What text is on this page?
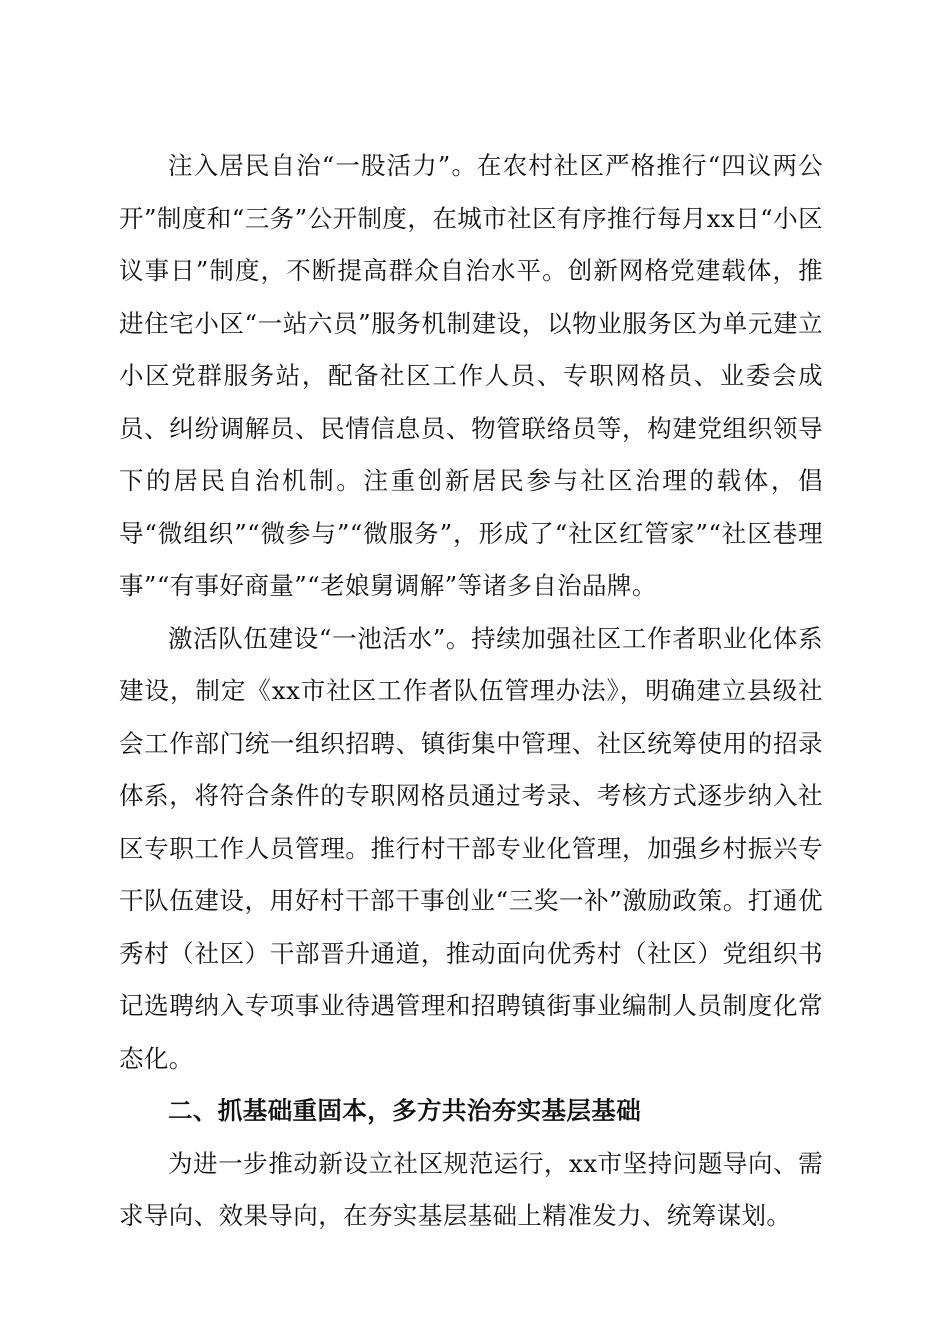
注入居民自治“一股活力”。在农村社区严格推行“四议两公开”制度和“三务”公开制度，在城市社区有序推行每月xx日“小区议事日”制度，不断提高群众自治水平。创新网格党建载体，推进住宅小区“一站六员”服务机制建设，以物业服务区为单元建立小区党群服务站，配备社区工作人员、专职网格员、业委会成员、纠纷调解员、民情信息员、物管联络员等，构建党组织领导下的居民自治机制。注重创新居民参与社区治理的载体，倡导“微组织”“微参与”“微服务”，形成了“社区红管家”“社区巷理事”“有事好商量”“老娘舅调解”等诸多自治品牌。

激活队伍建设“一池活水”。持续加强社区工作者职业化体系建设，制定《xx市社区工作者队伍管理办法》，明确建立县级社会工作部门统一组织招聘、镇街集中管理、社区统筹使用的招录体系，将符合条件的专职网格员通过考录、考核方式逐步纳入社区专职工作人员管理。推行村干部专业化管理，加强乡村振兴专干队伍建设，用好村干部干事创业“三奖一补”激励政策。打通优秀村（社区）干部晋升通道，推动面向优秀村（社区）党组织书记选聘纳入专项事业待遇管理和招聘镇街事业编制人员制度化常态化。

二、抓基础重固本，多方共治夯实基层基础

为进一步推动新设立社区规范运行，xx市坚持问题导向、需求导向、效果导向，在夯实基层基础上精准发力、统筹谋划。
